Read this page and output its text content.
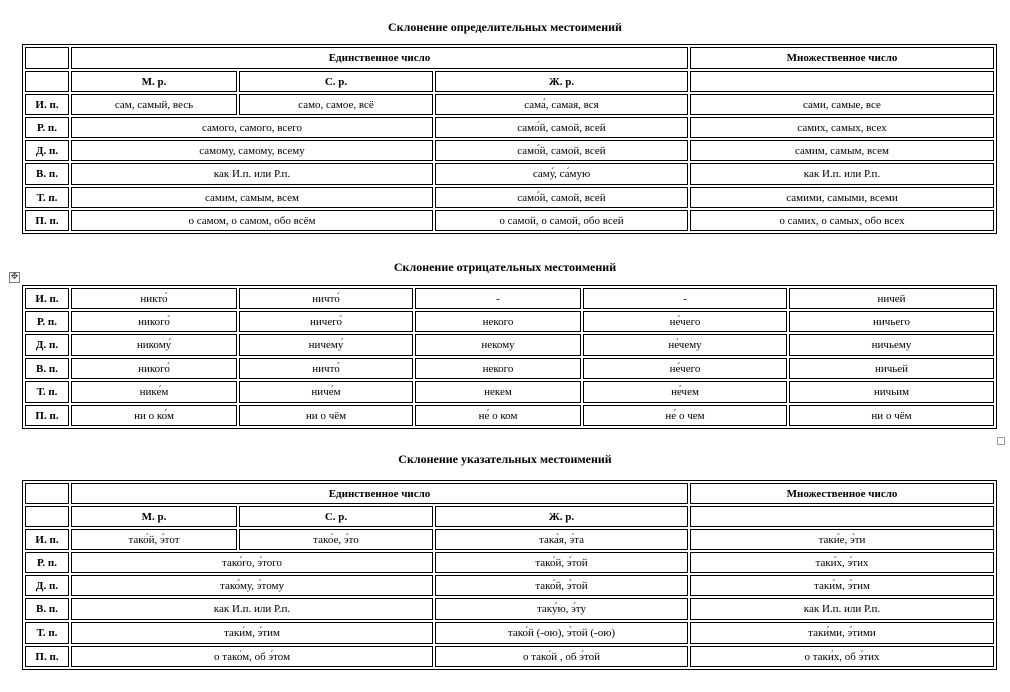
Склонение определительных местоимений
	Единственное число			Множественное число
	М. р.	С. р.	Ж. р.	
И. п.	сам, самый, весь	само, самое, всё	сама́, самая, вся	сами, самые, все
Р. п.	самого, самого, всего		само́й, самой, всей	самих, самых, всех
Д. п.	самому, самому, всему		само́й, самой, всей	самим, самым, всем
В. п.	как И.п. или Р.п.		саму́, са́мую	как И.п. или Р.п.
Т. п.	самим, самым, всем		само́й, самой, всей	самими, самыми, всеми
П. п.	о самом, о самом, обо всём		о самой, о самой, обо всей	о самих, о самых, обо всех
✥
Склонение отрицательных местоимений
И. п.	никто́	ничто́	-	-	ничей
Р. п.	никого́	ничего́	некого	не́чего	ничьего
Д. п.	никому́	ничему́	некому	не́чему	ничьему
В. п.	никого́	ничто́	некого	не́чего	ничьей
Т. п.	нике́м	ниче́м	некем	не́чем	ничьим
П. п.	ни о ко́м	ни о чём	не́ о ком	не́ о чем	ни о чём
Склонение указательных местоимений
	Единственное число			Множественное число
	М. р.	С. р.	Ж. р.	
И. п.	тако́й, э́тот	тако́е, э́то	така́я, э́та	таки́е, э́ти
Р. п.	тако́го, э́того		тако́й, э́той	таки́х, э́тих
Д. п.	тако́му, э́тому		тако́й, э́той	таки́м, э́тим
В. п.	как И.п. или Р.п.		таку́ю, э́ту	как И.п. или Р.п.
Т. п.	таки́м, э́тим		тако́й (-ою), э́той (-ою)	таки́ми, э́тими
П. п.	о тако́м, об э́том		о тако́й , об э́той	о таки́х, об э́тих
